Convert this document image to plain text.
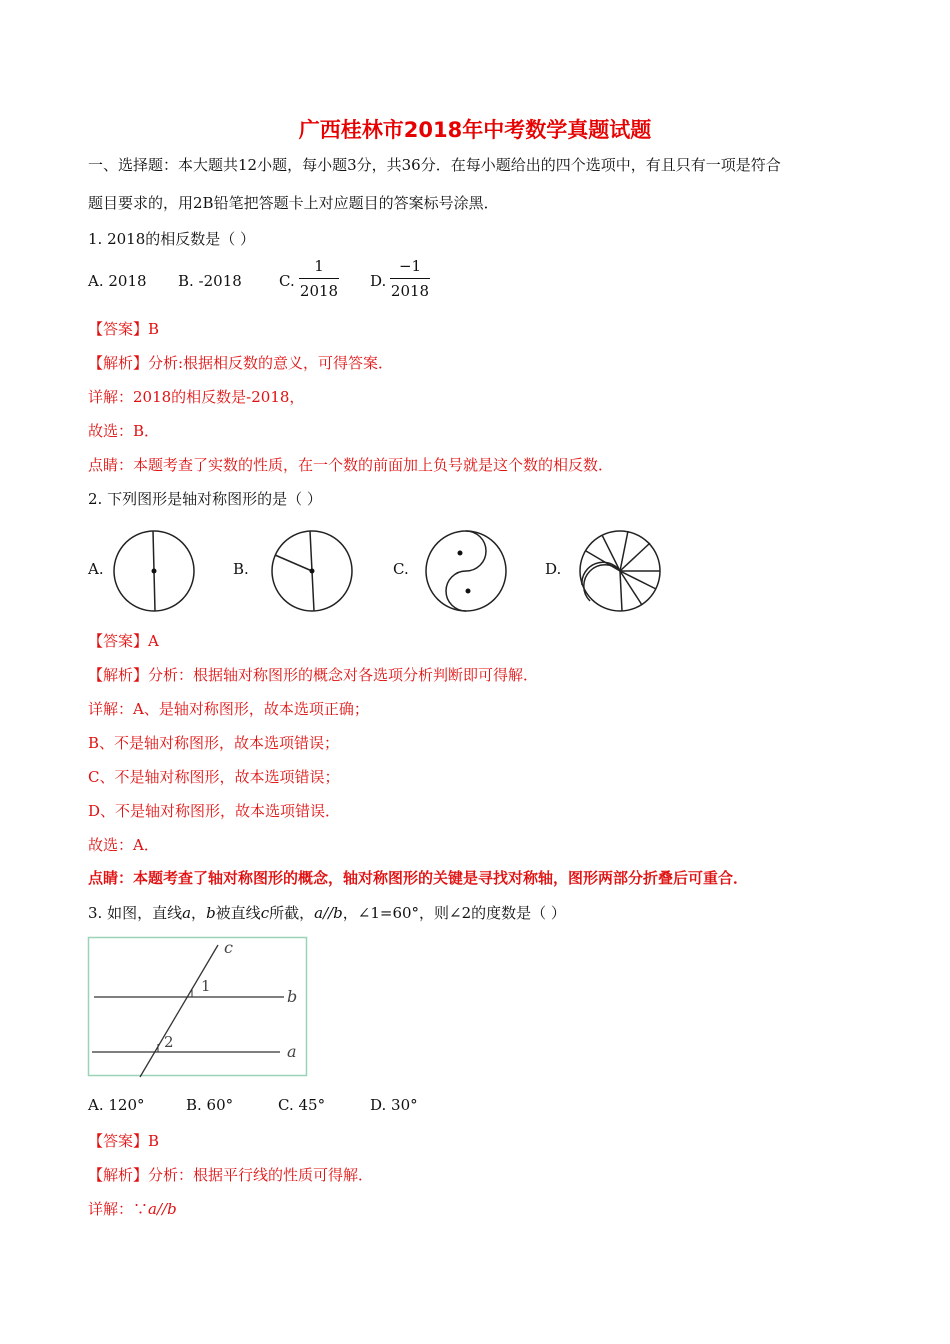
广西桂林市2018年中考数学真题试题
一、选择题：本大题共12小题，每小题3分，共36分．在每小题给出的四个选项中，有且只有一项是符合
题目要求的，用2B铅笔把答题卡上对应题目的答案标号涂黑．
1. 2018的相反数是（ ）
A. 2018 B. -2018 C. $\frac{1}{2018} D$. $\frac{-1}{2018}$
【答案】B
【解析】分析:根据相反数的意义，可得答案．
详解：2018的相反数是-2018，
故选：B．
点睛：本题考查了实数的性质，在一个数的前面加上负号就是这个数的相反数．
2. 下列图形是轴对称图形的是（ ）
A.	B.	C.	D.
【答案】A
【解析】分析：根据轴对称图形的概念对各选项分析判断即可得解．
详解：A、是轴对称图形，故本选项正确；
B、不是轴对称图形，故本选项错误；
C、不是轴对称图形，故本选项错误；
D、不是轴对称图形，故本选项错误．
故选：A．
点睛：本题考查了轴对称图形的概念，轴对称图形的关键是寻找对称轴，图形两部分折叠后可重合．
3. 如图，直线a，b被直线c所截，a//b，∠1=60°，则∠2的度数是（ ）
c
b
a
1
2
A. 120°	B. 60°	C. 45°	D. 30°
【答案】B
【解析】分析：根据平行线的性质可得解．
详解：∵a//b
